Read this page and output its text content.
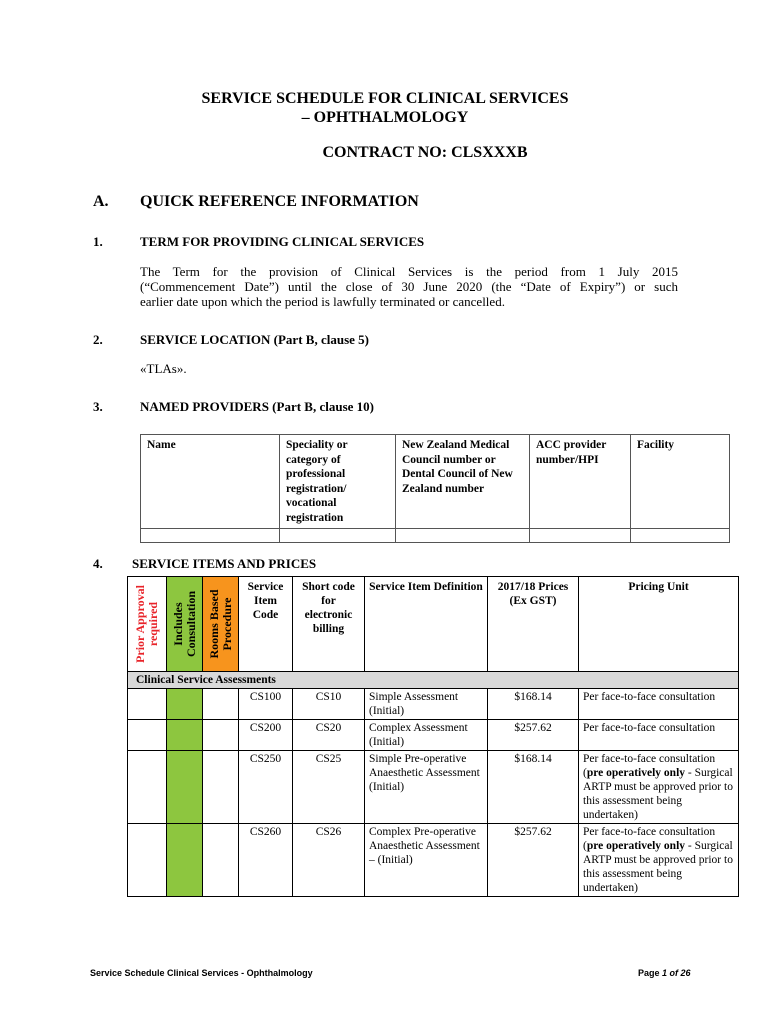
SERVICE SCHEDULE FOR CLINICAL SERVICES
– OPHTHALMOLOGY
CONTRACT NO: CLSXXXB
A. QUICK REFERENCE INFORMATION
1.	TERM FOR PROVIDING CLINICAL SERVICES
The Term for the provision of Clinical Services is the period from 1 July 2015
(“Commencement Date”) until the close of 30 June 2020 (the “Date of Expiry”) or such
earlier date upon which the period is lawfully terminated or cancelled.
2.	SERVICE LOCATION (Part B, clause 5)
«TLAs».
3.	NAMED PROVIDERS (Part B, clause 10)
Name	Speciality or category of professional registration/ vocational registration	New Zealand Medical Council number or Dental Council of New Zealand number	ACC provider number/HPI	Facility

4. SERVICE ITEMS AND PRICES
Prior Approval required	Includes Consultation	Rooms Based Procedure	Service Item Code	Short code for electronic billing	Service Item Definition	2017/18 Prices (Ex GST)	Pricing Unit
Clinical Service Assessments							
			CS100	CS10	Simple Assessment (Initial)	$168.14	Per face-to-face consultation
			CS200	CS20	Complex Assessment (Initial)	$257.62	Per face-to-face consultation
			CS250	CS25	Simple Pre-operative Anaesthetic Assessment (Initial)	$168.14	Per face-to-face consultation (pre operatively only - Surgical ARTP must be approved prior to this assessment being undertaken)
			CS260	CS26	Complex Pre-operative Anaesthetic Assessment – (Initial)	$257.62	Per face-to-face consultation (pre operatively only - Surgical ARTP must be approved prior to this assessment being undertaken)
Service Schedule Clinical Services - Ophthalmology	Page 1 of 26
